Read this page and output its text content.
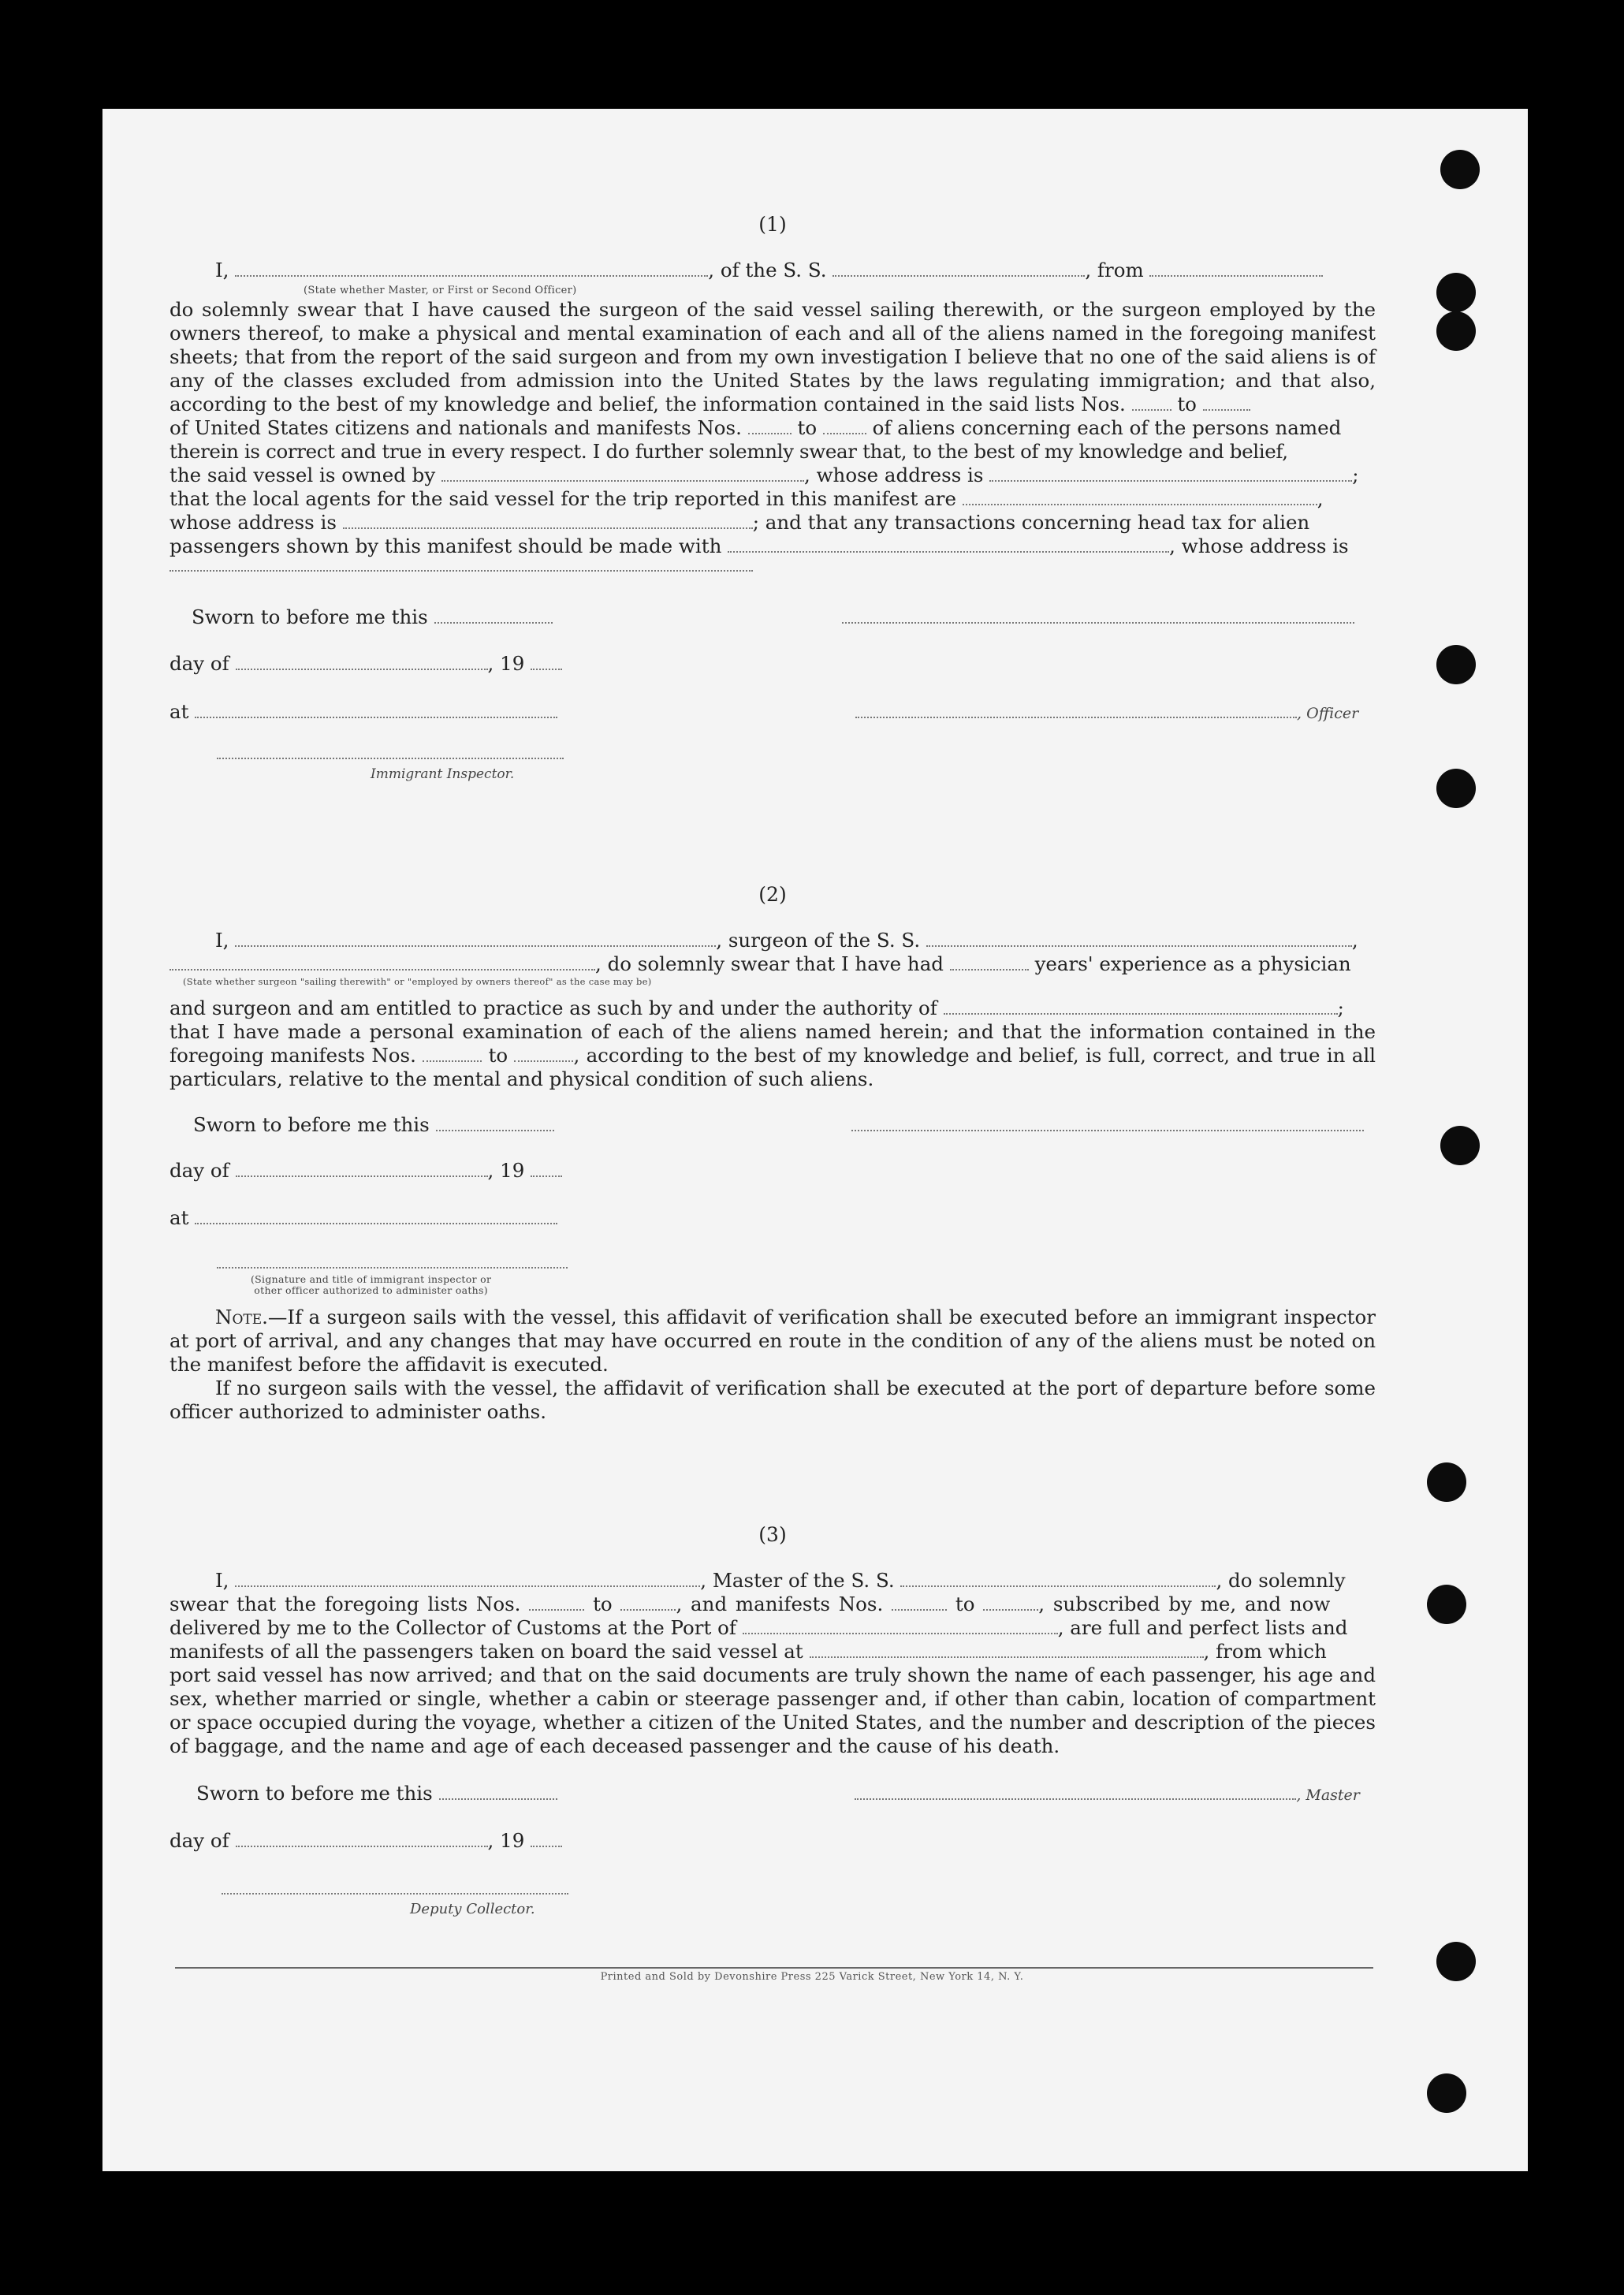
(1)
I,	, of the S. S.	, from
(State whether Master, or First or Second Officer)
do solemnly swear that I have caused the surgeon of the said vessel sailing therewith, or the surgeon employed by the owners thereof, to make a physical and mental examination of each and all of the aliens named in the foregoing manifest sheets; that from the report of the said surgeon and from my own investigation I believe that no one of the said aliens is of any of the classes excluded from admission into the United States by the laws regulating immigration; and that also, according to the best of my knowledge and belief, the information contained in the said lists Nos.	to
of United States citizens and nationals and manifests Nos.	to	of aliens concerning each of the persons named
therein is correct and true in every respect. I do further solemnly swear that, to the best of my knowledge and belief,
the said vessel is owned by	, whose address is	;
that the local agents for the said vessel for the trip reported in this manifest are	,
whose address is	; and that any transactions concerning head tax for alien
passengers shown by this manifest should be made with	, whose address is
Sworn to before me this
day of	, 19
at	, Officer
Immigrant Inspector.
(2)
I,	, surgeon of the S. S.	,
, do solemnly swear that I have had	years' experience as a physician
(State whether surgeon "sailing therewith" or "employed by owners thereof" as the case may be)
and surgeon and am entitled to practice as such by and under the authority of	;
that I have made a personal examination of each of the aliens named herein; and that the information contained in the foregoing manifests Nos.	to	, according to the best of my knowledge and belief, is full, correct, and true in all particulars, relative to the mental and physical condition of such aliens.
Sworn to before me this
day of	, 19
at
(Signature and title of immigrant inspector or
other officer authorized to administer oaths)
Note.—If a surgeon sails with the vessel, this affidavit of verification shall be executed before an immigrant inspector at port of arrival, and any changes that may have occurred en route in the condition of any of the aliens must be noted on the manifest before the affidavit is executed.
If no surgeon sails with the vessel, the affidavit of verification shall be executed at the port of departure before some officer authorized to administer oaths.
(3)
I,	, Master of the S. S.	, do solemnly
swear that the foregoing lists Nos.	to	, and manifests Nos.	to	, subscribed by me, and now
delivered by me to the Collector of Customs at the Port of	, are full and perfect lists and
manifests of all the passengers taken on board the said vessel at	, from which
port said vessel has now arrived; and that on the said documents are truly shown the name of each passenger, his age and sex, whether married or single, whether a cabin or steerage passenger and, if other than cabin, location of compartment or space occupied during the voyage, whether a citizen of the United States, and the number and description of the pieces of baggage, and the name and age of each deceased passenger and the cause of his death.
Sworn to before me this	, Master
day of	, 19
Deputy Collector.
Printed and Sold by Devonshire Press 225 Varick Street, New York 14, N. Y.
